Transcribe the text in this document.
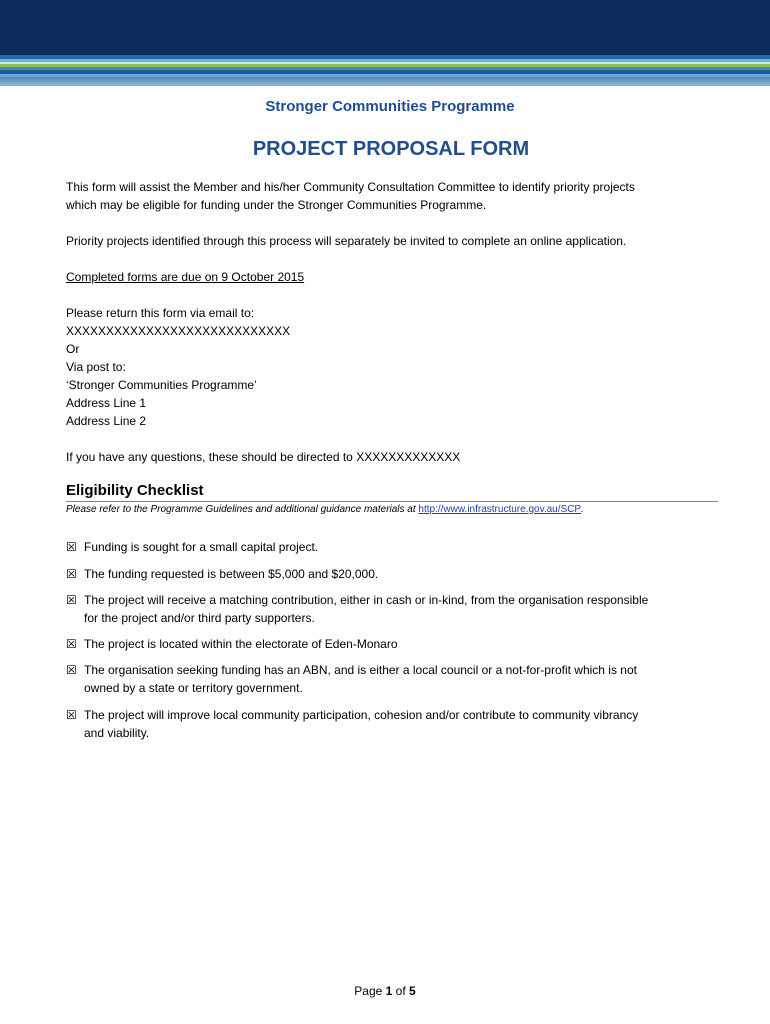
Stronger Communities Programme
PROJECT PROPOSAL FORM
This form will assist the Member and his/her Community Consultation Committee to identify priority projects
which may be eligible for funding under the Stronger Communities Programme.
Priority projects identified through this process will separately be invited to complete an online application.
Completed forms are due on 9 October 2015
Please return this form via email to:
XXXXXXXXXXXXXXXXXXXXXXXXXXXX
Or
Via post to:
‘Stronger Communities Programme’
Address Line 1
Address Line 2
If you have any questions, these should be directed to XXXXXXXXXXXXX
Eligibility Checklist
Please refer to the Programme Guidelines and additional guidance materials at http://www.infrastructure.gov.au/SCP.
☒ Funding is sought for a small capital project.
☒ The funding requested is between $5,000 and $20,000.
☒ The project will receive a matching contribution, either in cash or in-kind, from the organisation responsible
for the project and/or third party supporters.
☒ The project is located within the electorate of Eden-Monaro
☒ The organisation seeking funding has an ABN, and is either a local council or a not-for-profit which is not
owned by a state or territory government.
☒ The project will improve local community participation, cohesion and/or contribute to community vibrancy
and viability.
Page 1 of 5
